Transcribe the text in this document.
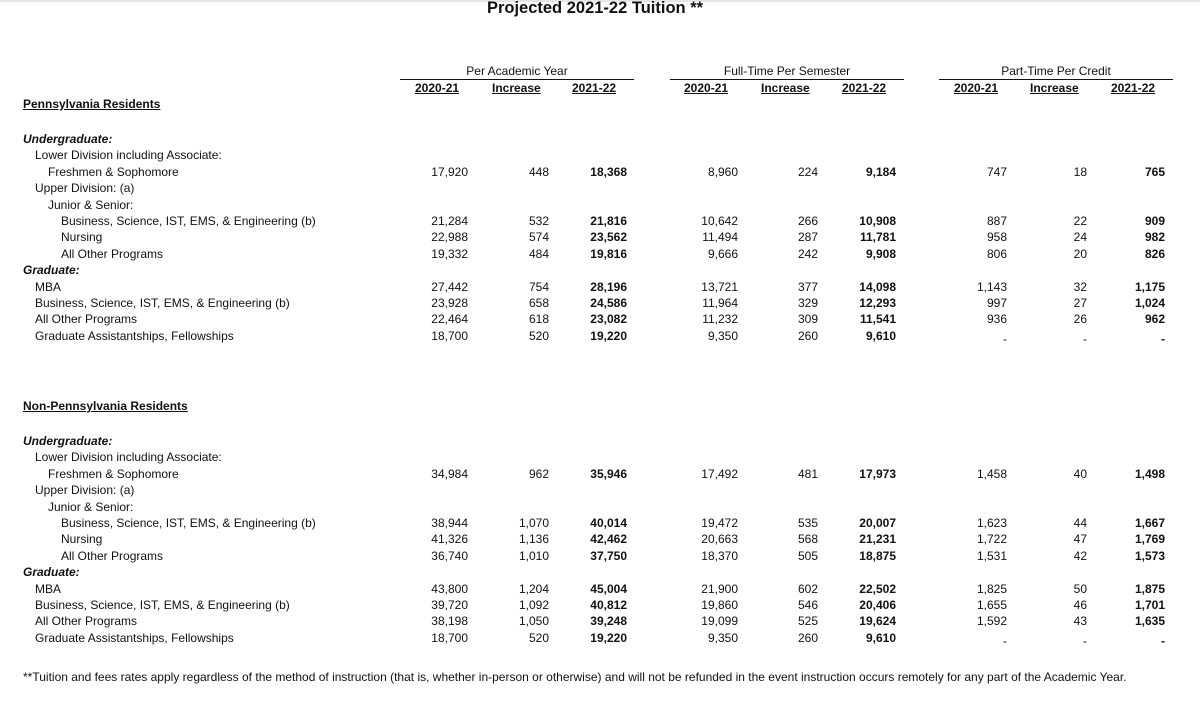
Projected 2021-22 Tuition **
Per Academic Year	Full-Time Per Semester	Part-Time Per Credit
2020-21	Increase	2021-22	2020-21	Increase	2021-22	2020-21	Increase	2021-22
Pennsylvania Residents
Non-Pennsylvania Residents
Undergraduate:
Lower Division including Associate:
Freshmen & Sophomore	17,920	448	18,368	8,960	224	9,184	747	18	765
Upper Division: (a)
Junior & Senior:
Business, Science, IST, EMS, & Engineering (b)	21,284	532	21,816	10,642	266	10,908	887	22	909
Nursing	22,988	574	23,562	11,494	287	11,781	958	24	982
All Other Programs	19,332	484	19,816	9,666	242	9,908	806	20	826
Graduate:
MBA	27,442	754	28,196	13,721	377	14,098	1,143	32	1,175
Business, Science, IST, EMS, & Engineering (b)	23,928	658	24,586	11,964	329	12,293	997	27	1,024
All Other Programs	22,464	618	23,082	11,232	309	11,541	936	26	962
Graduate Assistantships, Fellowships	18,700	520	19,220	9,350	260	9,610	-	-	-
Undergraduate:
Lower Division including Associate:
Freshmen & Sophomore	34,984	962	35,946	17,492	481	17,973	1,458	40	1,498
Upper Division: (a)
Junior & Senior:
Business, Science, IST, EMS, & Engineering (b)	38,944	1,070	40,014	19,472	535	20,007	1,623	44	1,667
Nursing	41,326	1,136	42,462	20,663	568	21,231	1,722	47	1,769
All Other Programs	36,740	1,010	37,750	18,370	505	18,875	1,531	42	1,573
Graduate:
MBA	43,800	1,204	45,004	21,900	602	22,502	1,825	50	1,875
Business, Science, IST, EMS, & Engineering (b)	39,720	1,092	40,812	19,860	546	20,406	1,655	46	1,701
All Other Programs	38,198	1,050	39,248	19,099	525	19,624	1,592	43	1,635
Graduate Assistantships, Fellowships	18,700	520	19,220	9,350	260	9,610	-	-	-
**Tuition and fees rates apply regardless of the method of instruction (that is, whether in-person or otherwise) and will not be refunded in the event instruction occurs remotely for any part of the Academic Year.
